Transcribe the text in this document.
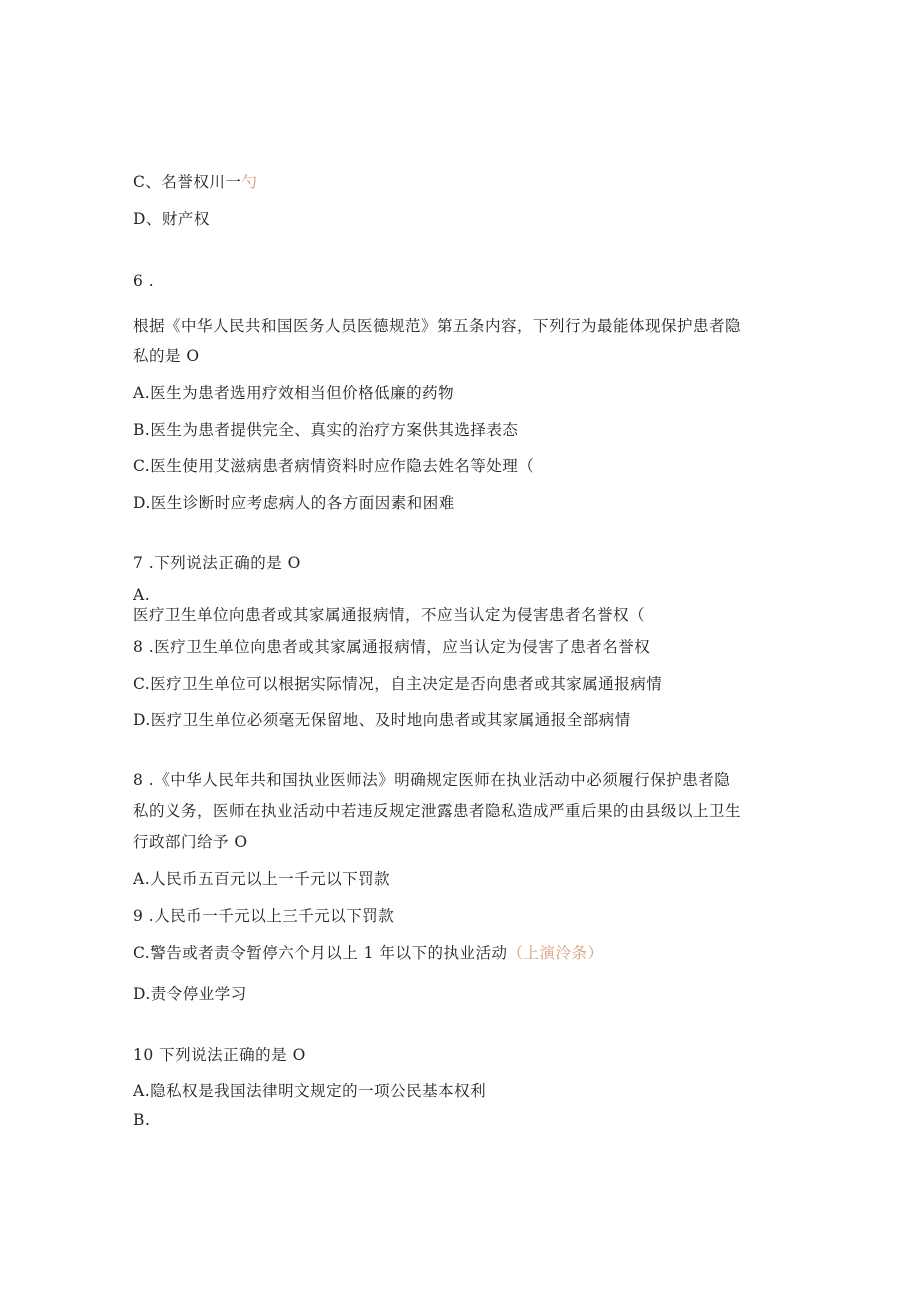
C、名誉权川一勺
D、财产权
6 .
根据《中华人民共和国医务人员医德规范》第五条内容，下列行为最能体现保护患者隐
私的是 O
A.医生为患者选用疗效相当但价格低廉的药物
B.医生为患者提供完全、真实的治疗方案供其选择表态
C.医生使用艾滋病患者病情资料时应作隐去姓名等处理（
D.医生诊断时应考虑病人的各方面因素和困难
7 .下列说法正确的是 O
A.
医疗卫生单位向患者或其家属通报病情，不应当认定为侵害患者名誉权（
8 .医疗卫生单位向患者或其家属通报病情，应当认定为侵害了患者名誉权
C.医疗卫生单位可以根据实际情况，自主决定是否向患者或其家属通报病情
D.医疗卫生单位必须毫无保留地、及时地向患者或其家属通报全部病情
8 .《中华人民年共和国执业医师法》明确规定医师在执业活动中必须履行保护患者隐
私的义务，医师在执业活动中若违反规定泄露患者隐私造成严重后果的由县级以上卫生
行政部门给予 O
A.人民币五百元以上一千元以下罚款
9 .人民币一千元以上三千元以下罚款
C.警告或者责令暂停六个月以上 1 年以下的执业活动（上演泠条）
D.责令停业学习
10 下列说法正确的是 O
A.隐私权是我国法律明文规定的一项公民基本权利
B.
